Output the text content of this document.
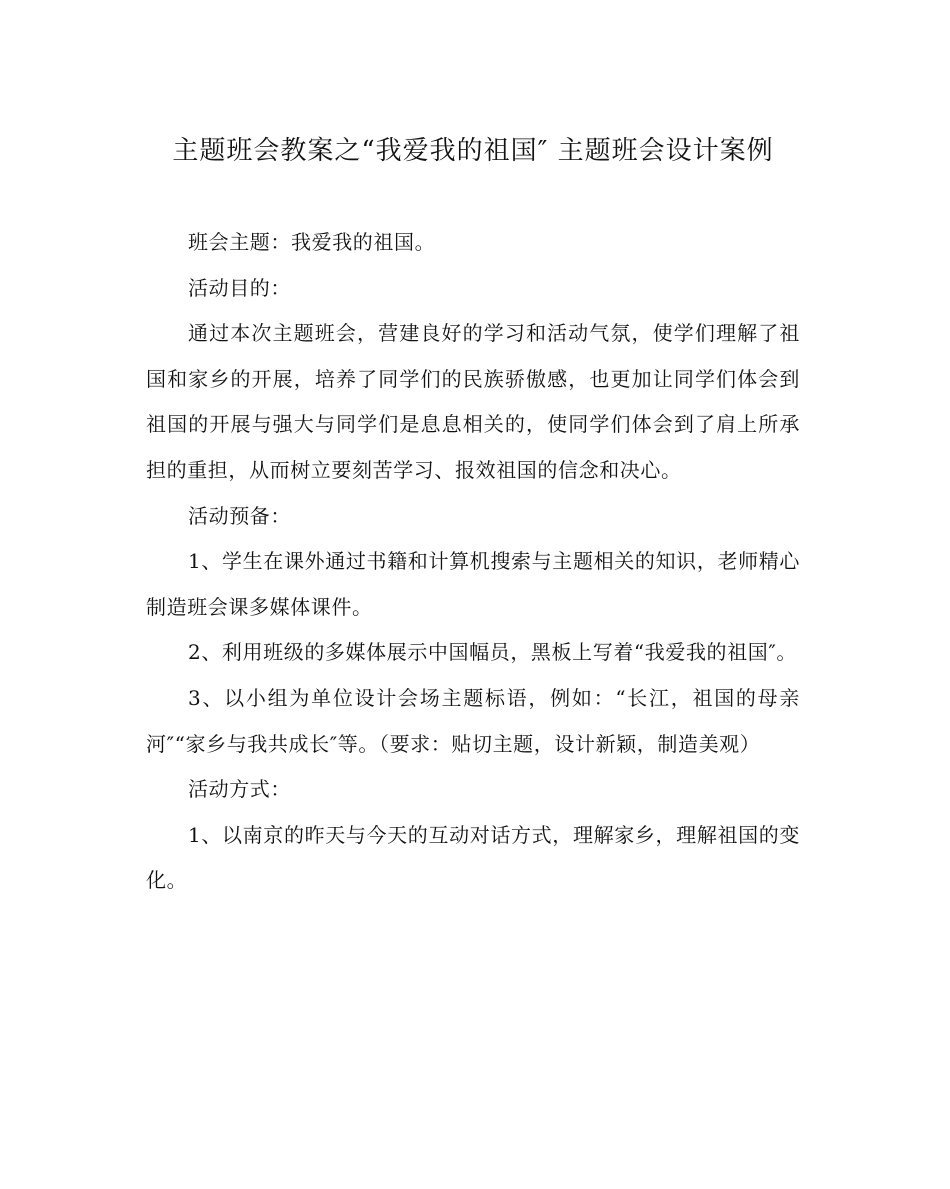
主题班会教案之“我爱我的祖国″ 主题班会设计案例

班会主题：我爱我的祖国。

活动目的：

通过本次主题班会，营建良好的学习和活动气氛，使学们理解了祖国和家乡的开展，培养了同学们的民族骄傲感，也更加让同学们体会到祖国的开展与强大与同学们是息息相关的，使同学们体会到了肩上所承担的重担，从而树立要刻苦学习、报效祖国的信念和决心。

活动预备：

1、学生在课外通过书籍和计算机搜索与主题相关的知识，老师精心制造班会课多媒体课件。

2、利用班级的多媒体展示中国幅员，黑板上写着“我爱我的祖国″。

3、以小组为单位设计会场主题标语，例如：“长江，祖国的母亲河″“家乡与我共成长″等。（要求：贴切主题，设计新颖，制造美观）

活动方式：

1、以南京的昨天与今天的互动对话方式，理解家乡，理解祖国的变化。
